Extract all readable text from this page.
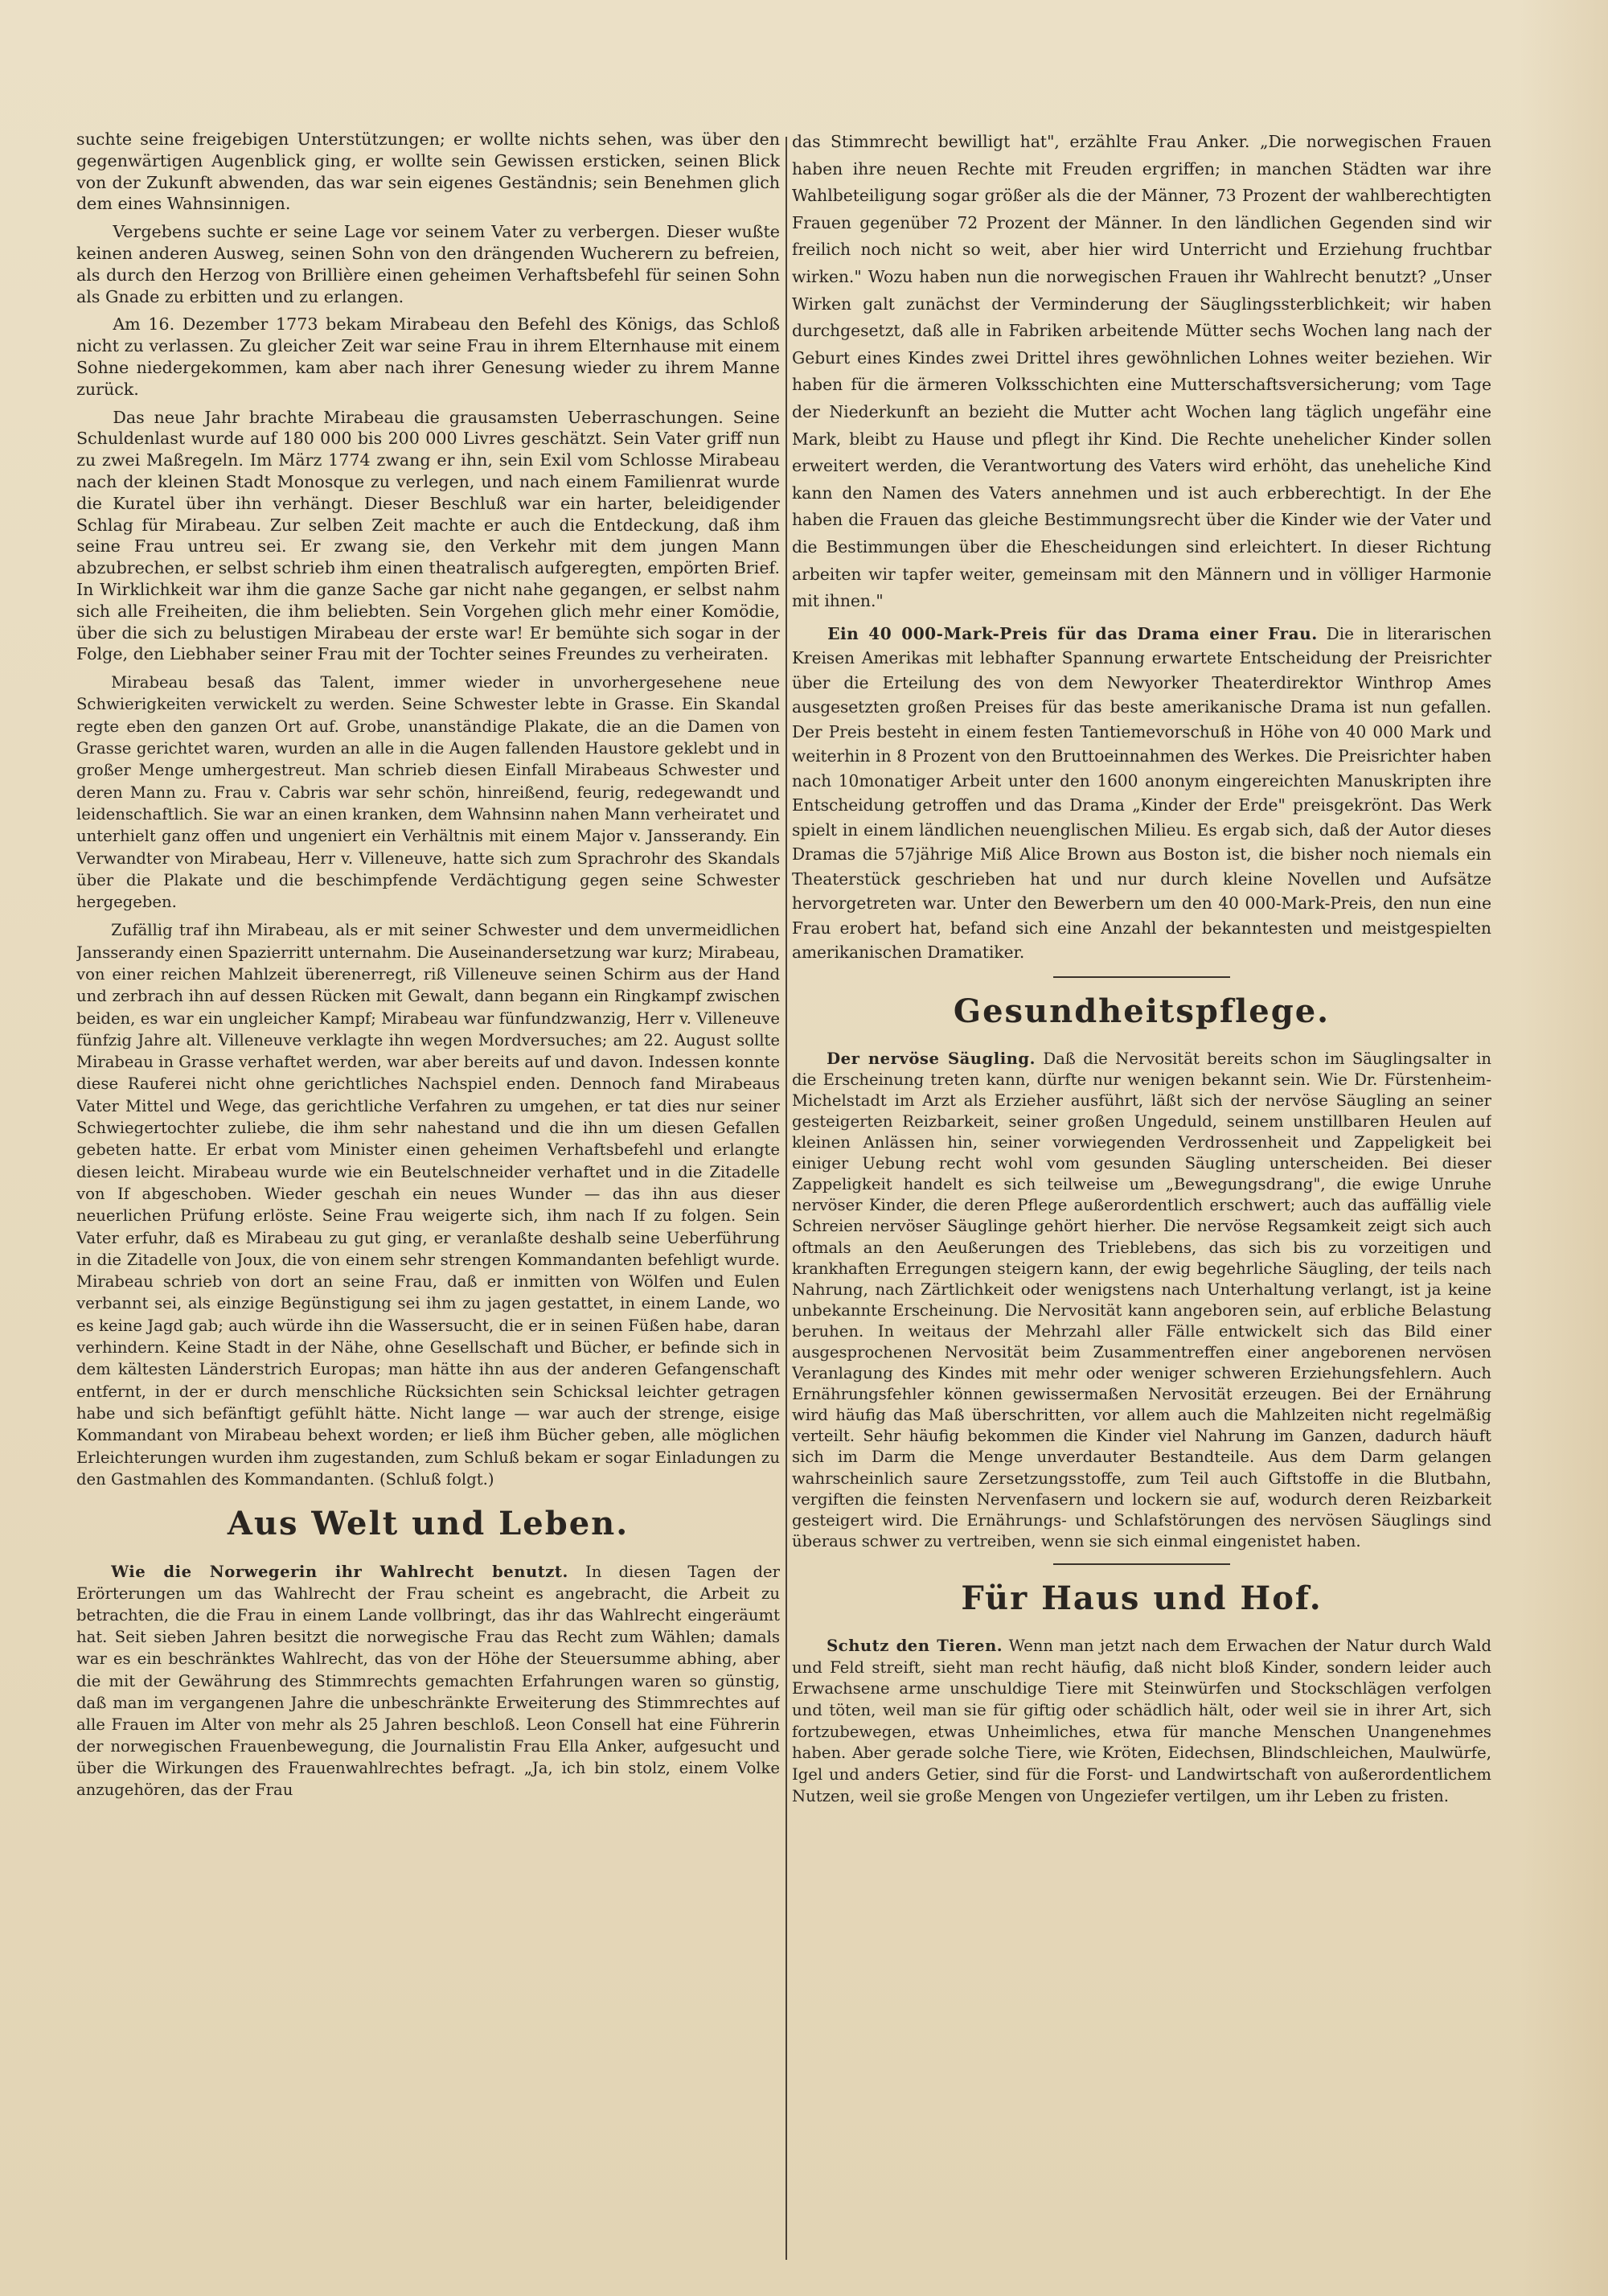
suchte seine freigebigen Unterstützungen; er wollte nichts sehen, was über den gegenwärtigen Augenblick ging, er wollte sein Gewissen ersticken, seinen Blick von der Zukunft abwenden, das war sein eigenes Geständnis; sein Benehmen glich dem eines Wahnsinnigen.

Vergebens suchte er seine Lage vor seinem Vater zu verbergen. Dieser wußte keinen anderen Ausweg, seinen Sohn von den drängenden Wucherern zu befreien, als durch den Herzog von Brillière einen geheimen Verhaftsbefehl für seinen Sohn als Gnade zu erbitten und zu erlangen.

Am 16. Dezember 1773 bekam Mirabeau den Befehl des Königs, das Schloß nicht zu verlassen. Zu gleicher Zeit war seine Frau in ihrem Elternhause mit einem Sohne niedergekommen, kam aber nach ihrer Genesung wieder zu ihrem Manne zurück.

Das neue Jahr brachte Mirabeau die grausamsten Ueberraschungen. Seine Schuldenlast wurde auf 180 000 bis 200 000 Livres geschätzt. Sein Vater griff nun zu zwei Maßregeln. Im März 1774 zwang er ihn, sein Exil vom Schlosse Mirabeau nach der kleinen Stadt Monosque zu verlegen, und nach einem Familienrat wurde die Kuratel über ihn verhängt. Dieser Beschluß war ein harter, beleidigender Schlag für Mirabeau. Zur selben Zeit machte er auch die Entdeckung, daß ihm seine Frau untreu sei. Er zwang sie, den Verkehr mit dem jungen Mann abzubrechen, er selbst schrieb ihm einen theatralisch aufgeregten, empörten Brief. In Wirklichkeit war ihm die ganze Sache gar nicht nahe gegangen, er selbst nahm sich alle Freiheiten, die ihm beliebten. Sein Vorgehen glich mehr einer Komödie, über die sich zu belustigen Mirabeau der erste war! Er bemühte sich sogar in der Folge, den Liebhaber seiner Frau mit der Tochter seines Freundes zu verheiraten.

Mirabeau besaß das Talent, immer wieder in unvorhergesehene neue Schwierigkeiten verwickelt zu werden. Seine Schwester lebte in Grasse. Ein Skandal regte eben den ganzen Ort auf. Grobe, unanständige Plakate, die an die Damen von Grasse gerichtet waren, wurden an alle in die Augen fallenden Haustore geklebt und in großer Menge umhergestreut. Man schrieb diesen Einfall Mirabeaus Schwester und deren Mann zu. Frau v. Cabris war sehr schön, hinreißend, feurig, redegewandt und leidenschaftlich. Sie war an einen kranken, dem Wahnsinn nahen Mann verheiratet und unterhielt ganz offen und ungeniert ein Verhältnis mit einem Major v. Jansserandy. Ein Verwandter von Mirabeau, Herr v. Villeneuve, hatte sich zum Sprachrohr des Skandals über die Plakate und die beschimpfende Verdächtigung gegen seine Schwester hergegeben.

Zufällig traf ihn Mirabeau, als er mit seiner Schwester und dem unvermeidlichen Jansserandy einen Spazierritt unternahm. Die Auseinandersetzung war kurz; Mirabeau, von einer reichen Mahlzeit überenerregt, riß Villeneuve seinen Schirm aus der Hand und zerbrach ihn auf dessen Rücken mit Gewalt, dann begann ein Ringkampf zwischen beiden, es war ein ungleicher Kampf; Mirabeau war fünfundzwanzig, Herr v. Villeneuve fünfzig Jahre alt. Villeneuve verklagte ihn wegen Mordversuches; am 22. August sollte Mirabeau in Grasse verhaftet werden, war aber bereits auf und davon. Indessen konnte diese Rauferei nicht ohne gerichtliches Nachspiel enden. Dennoch fand Mirabeaus Vater Mittel und Wege, das gerichtliche Verfahren zu umgehen, er tat dies nur seiner Schwiegertochter zuliebe, die ihm sehr nahestand und die ihn um diesen Gefallen gebeten hatte. Er erbat vom Minister einen geheimen Verhaftsbefehl und erlangte diesen leicht. Mirabeau wurde wie ein Beutelschneider verhaftet und in die Zitadelle von If abgeschoben. Wieder geschah ein neues Wunder — das ihn aus dieser neuerlichen Prüfung erlöste. Seine Frau weigerte sich, ihm nach If zu folgen. Sein Vater erfuhr, daß es Mirabeau zu gut ging, er veranlaßte deshalb seine Ueberführung in die Zitadelle von Joux, die von einem sehr strengen Kommandanten befehligt wurde. Mirabeau schrieb von dort an seine Frau, daß er inmitten von Wölfen und Eulen verbannt sei, als einzige Begünstigung sei ihm zu jagen gestattet, in einem Lande, wo es keine Jagd gab; auch würde ihn die Wassersucht, die er in seinen Füßen habe, daran verhindern. Keine Stadt in der Nähe, ohne Gesellschaft und Bücher, er befinde sich in dem kältesten Länderstrich Europas; man hätte ihn aus der anderen Gefangenschaft entfernt, in der er durch menschliche Rücksichten sein Schicksal leichter getragen habe und sich befänftigt gefühlt hätte. Nicht lange — war auch der strenge, eisige Kommandant von Mirabeau behext worden; er ließ ihm Bücher geben, alle möglichen Erleichterungen wurden ihm zugestanden, zum Schluß bekam er sogar Einladungen zu den Gastmahlen des Kommandanten. (Schluß folgt.)

Aus Welt und Leben.

Wie die Norwegerin ihr Wahlrecht benutzt. In diesen Tagen der Erörterungen um das Wahlrecht der Frau scheint es angebracht, die Arbeit zu betrachten, die die Frau in einem Lande vollbringt, das ihr das Wahlrecht eingeräumt hat. Seit sieben Jahren besitzt die norwegische Frau das Recht zum Wählen; damals war es ein beschränktes Wahlrecht, das von der Höhe der Steuersumme abhing, aber die mit der Gewährung des Stimmrechts gemachten Erfahrungen waren so günstig, daß man im vergangenen Jahre die unbeschränkte Erweiterung des Stimmrechtes auf alle Frauen im Alter von mehr als 25 Jahren beschloß. Leon Consell hat eine Führerin der norwegischen Frauenbewegung, die Journalistin Frau Ella Anker, aufgesucht und über die Wirkungen des Frauenwahlrechtes befragt. „Ja, ich bin stolz, einem Volke anzugehören, das der Frau

das Stimmrecht bewilligt hat", erzählte Frau Anker. „Die norwegischen Frauen haben ihre neuen Rechte mit Freuden ergriffen; in manchen Städten war ihre Wahlbeteiligung sogar größer als die der Männer, 73 Prozent der wahlberechtigten Frauen gegenüber 72 Prozent der Männer. In den ländlichen Gegenden sind wir freilich noch nicht so weit, aber hier wird Unterricht und Erziehung fruchtbar wirken." Wozu haben nun die norwegischen Frauen ihr Wahlrecht benutzt? „Unser Wirken galt zunächst der Verminderung der Säuglingssterblichkeit; wir haben durchgesetzt, daß alle in Fabriken arbeitende Mütter sechs Wochen lang nach der Geburt eines Kindes zwei Drittel ihres gewöhnlichen Lohnes weiter beziehen. Wir haben für die ärmeren Volksschichten eine Mutterschaftsversicherung; vom Tage der Niederkunft an bezieht die Mutter acht Wochen lang täglich ungefähr eine Mark, bleibt zu Hause und pflegt ihr Kind. Die Rechte unehelicher Kinder sollen erweitert werden, die Verantwortung des Vaters wird erhöht, das uneheliche Kind kann den Namen des Vaters annehmen und ist auch erbberechtigt. In der Ehe haben die Frauen das gleiche Bestimmungsrecht über die Kinder wie der Vater und die Bestimmungen über die Ehescheidungen sind erleichtert. In dieser Richtung arbeiten wir tapfer weiter, gemeinsam mit den Männern und in völliger Harmonie mit ihnen."

Ein 40 000-Mark-Preis für das Drama einer Frau. Die in literarischen Kreisen Amerikas mit lebhafter Spannung erwartete Entscheidung der Preisrichter über die Erteilung des von dem Newyorker Theaterdirektor Winthrop Ames ausgesetzten großen Preises für das beste amerikanische Drama ist nun gefallen. Der Preis besteht in einem festen Tantiemevorschuß in Höhe von 40 000 Mark und weiterhin in 8 Prozent von den Bruttoeinnahmen des Werkes. Die Preisrichter haben nach 10monatiger Arbeit unter den 1600 anonym eingereichten Manuskripten ihre Entscheidung getroffen und das Drama „Kinder der Erde" preisgekrönt. Das Werk spielt in einem ländlichen neuenglischen Milieu. Es ergab sich, daß der Autor dieses Dramas die 57jährige Miß Alice Brown aus Boston ist, die bisher noch niemals ein Theaterstück geschrieben hat und nur durch kleine Novellen und Aufsätze hervorgetreten war. Unter den Bewerbern um den 40 000-Mark-Preis, den nun eine Frau erobert hat, befand sich eine Anzahl der bekanntesten und meistgespielten amerikanischen Dramatiker.

Gesundheitspflege.

Der nervöse Säugling. Daß die Nervosität bereits schon im Säuglingsalter in die Erscheinung treten kann, dürfte nur wenigen bekannt sein. Wie Dr. Fürstenheim-Michelstadt im Arzt als Erzieher ausführt, läßt sich der nervöse Säugling an seiner gesteigerten Reizbarkeit, seiner großen Ungeduld, seinem unstillbaren Heulen auf kleinen Anlässen hin, seiner vorwiegenden Verdrossenheit und Zappeligkeit bei einiger Uebung recht wohl vom gesunden Säugling unterscheiden. Bei dieser Zappeligkeit handelt es sich teilweise um „Bewegungsdrang", die ewige Unruhe nervöser Kinder, die deren Pflege außerordentlich erschwert; auch das auffällig viele Schreien nervöser Säuglinge gehört hierher. Die nervöse Regsamkeit zeigt sich auch oftmals an den Aeußerungen des Trieblebens, das sich bis zu vorzeitigen und krankhaften Erregungen steigern kann, der ewig begehrliche Säugling, der teils nach Nahrung, nach Zärtlichkeit oder wenigstens nach Unterhaltung verlangt, ist ja keine unbekannte Erscheinung. Die Nervosität kann angeboren sein, auf erbliche Belastung beruhen. In weitaus der Mehrzahl aller Fälle entwickelt sich das Bild einer ausgesprochenen Nervosität beim Zusammentreffen einer angeborenen nervösen Veranlagung des Kindes mit mehr oder weniger schweren Erziehungsfehlern. Auch Ernährungsfehler können gewissermaßen Nervosität erzeugen. Bei der Ernährung wird häufig das Maß überschritten, vor allem auch die Mahlzeiten nicht regelmäßig verteilt. Sehr häufig bekommen die Kinder viel Nahrung im Ganzen, dadurch häuft sich im Darm die Menge unverdauter Bestandteile. Aus dem Darm gelangen wahrscheinlich saure Zersetzungsstoffe, zum Teil auch Giftstoffe in die Blutbahn, vergiften die feinsten Nervenfasern und lockern sie auf, wodurch deren Reizbarkeit gesteigert wird. Die Ernährungs- und Schlafstörungen des nervösen Säuglings sind überaus schwer zu vertreiben, wenn sie sich einmal eingenistet haben.

Für Haus und Hof.

Schutz den Tieren. Wenn man jetzt nach dem Erwachen der Natur durch Wald und Feld streift, sieht man recht häufig, daß nicht bloß Kinder, sondern leider auch Erwachsene arme unschuldige Tiere mit Steinwürfen und Stockschlägen verfolgen und töten, weil man sie für giftig oder schädlich hält, oder weil sie in ihrer Art, sich fortzubewegen, etwas Unheimliches, etwa für manche Menschen Unangenehmes haben. Aber gerade solche Tiere, wie Kröten, Eidechsen, Blindschleichen, Maulwürfe, Igel und anders Getier, sind für die Forst- und Landwirtschaft von außerordentlichem Nutzen, weil sie große Mengen von Ungeziefer vertilgen, um ihr Leben zu fristen.
